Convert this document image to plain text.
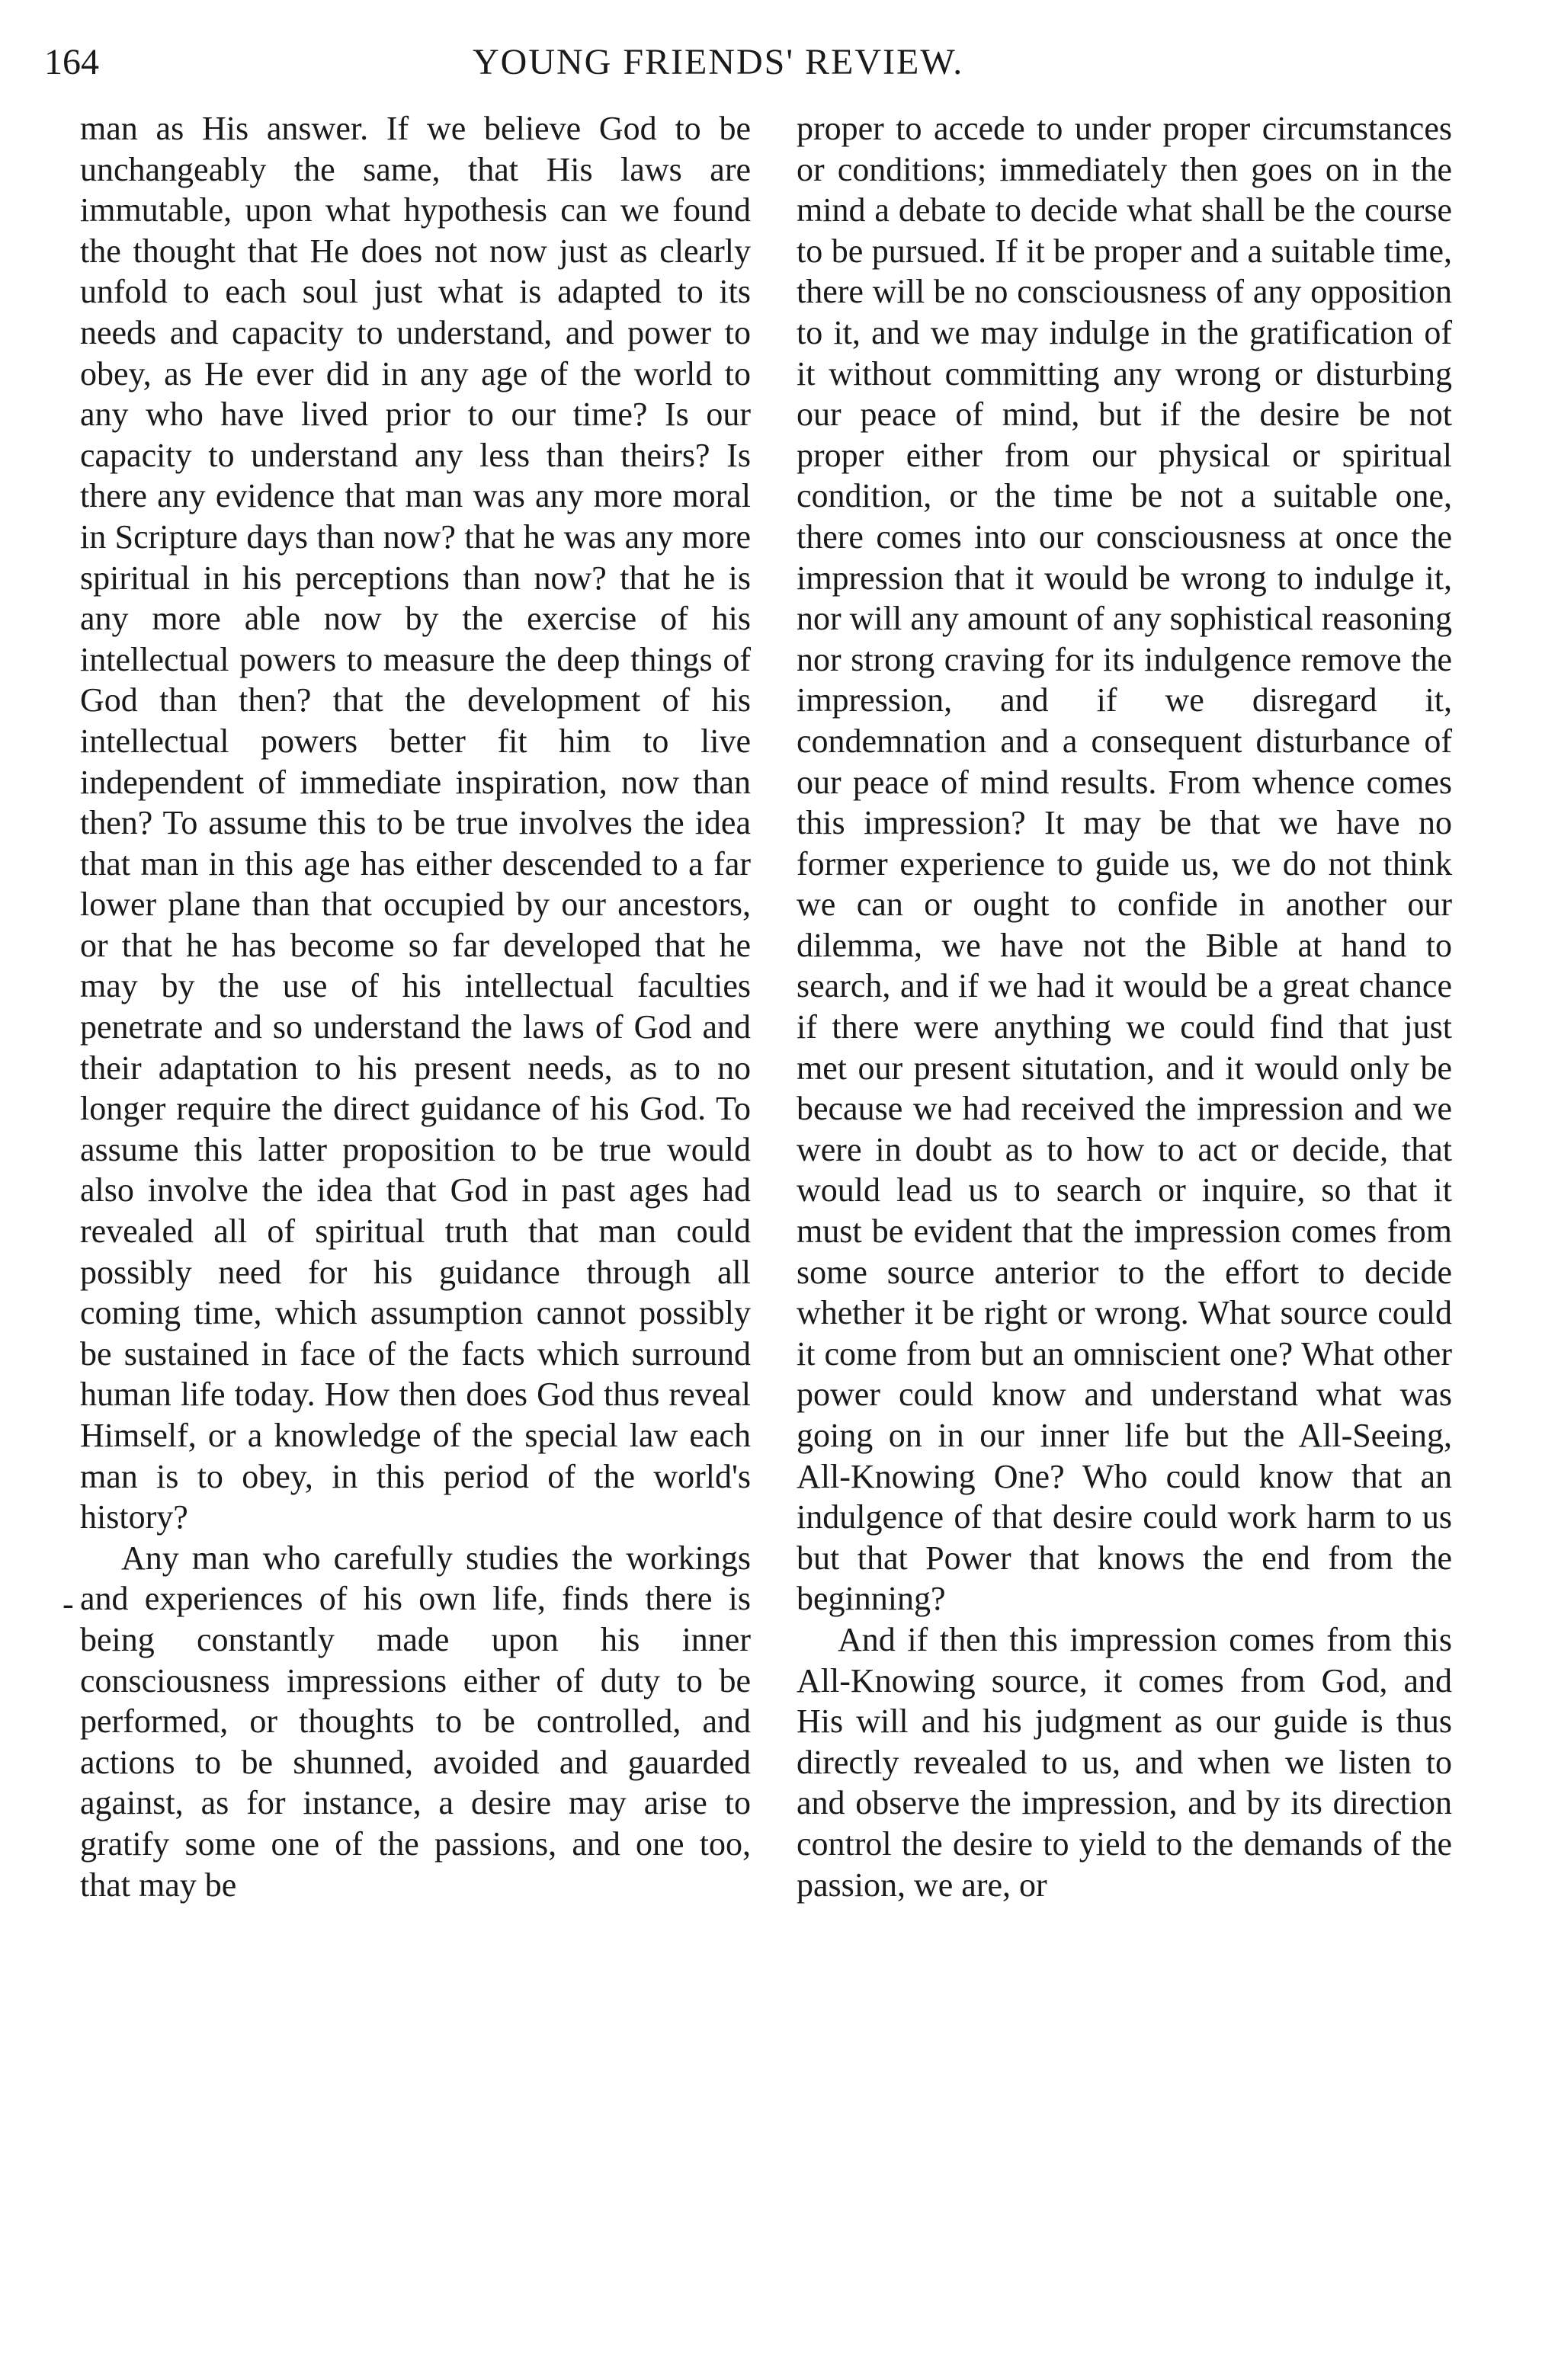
164	YOUNG FRIENDS' REVIEW.
-

man as His answer. If we believe God to be unchangeably the same, that His laws are immutable, upon what hypothesis can we found the thought that He does not now just as clearly unfold to each soul just what is adapted to its needs and capacity to understand, and power to obey, as He ever did in any age of the world to any who have lived prior to our time? Is our capacity to understand any less than theirs? Is there any evidence that man was any more moral in Scripture days than now? that he was any more spiritual in his perceptions than now? that he is any more able now by the exercise of his intellectual powers to measure the deep things of God than then? that the development of his intellectual powers better fit him to live independent of immediate inspiration, now than then? To assume this to be true involves the idea that man in this age has either descended to a far lower plane than that occupied by our ancestors, or that he has become so far developed that he may by the use of his intellectual faculties penetrate and so understand the laws of God and their adaptation to his present needs, as to no longer require the direct guidance of his God. To assume this latter proposition to be true would also involve the idea that God in past ages had revealed all of spiritual truth that man could possibly need for his guidance through all coming time, which assumption cannot possibly be sustained in face of the facts which surround human life today. How then does God thus reveal Himself, or a knowledge of the special law each man is to obey, in this period of the world's history?

Any man who carefully studies the workings and experiences of his own life, finds there is being constantly made upon his inner consciousness impressions either of duty to be performed, or thoughts to be controlled, and actions to be shunned, avoided and gauarded against, as for instance, a desire may arise to gratify some one of the passions, and one too, that may be

proper to accede to under proper circumstances or conditions; immediately then goes on in the mind a debate to decide what shall be the course to be pursued. If it be proper and a suitable time, there will be no consciousness of any opposition to it, and we may indulge in the gratification of it without committing any wrong or disturbing our peace of mind, but if the desire be not proper either from our physical or spiritual condition, or the time be not a suitable one, there comes into our consciousness at once the impression that it would be wrong to indulge it, nor will any amount of any sophistical reasoning nor strong craving for its indulgence remove the impression, and if we disregard it, condemnation and a consequent disturbance of our peace of mind results. From whence comes this impression? It may be that we have no former experience to guide us, we do not think we can or ought to confide in another our dilemma, we have not the Bible at hand to search, and if we had it would be a great chance if there were anything we could find that just met our present situtation, and it would only be because we had received the impression and we were in doubt as to how to act or decide, that would lead us to search or inquire, so that it must be evident that the impression comes from some source anterior to the effort to decide whether it be right or wrong. What source could it come from but an omniscient one? What other power could know and understand what was going on in our inner life but the All-Seeing, All-Knowing One? Who could know that an indulgence of that desire could work harm to us but that Power that knows the end from the beginning?

And if then this impression comes from this All-Knowing source, it comes from God, and His will and his judgment as our guide is thus directly revealed to us, and when we listen to and observe the impression, and by its direction control the desire to yield to the demands of the passion, we are, or
